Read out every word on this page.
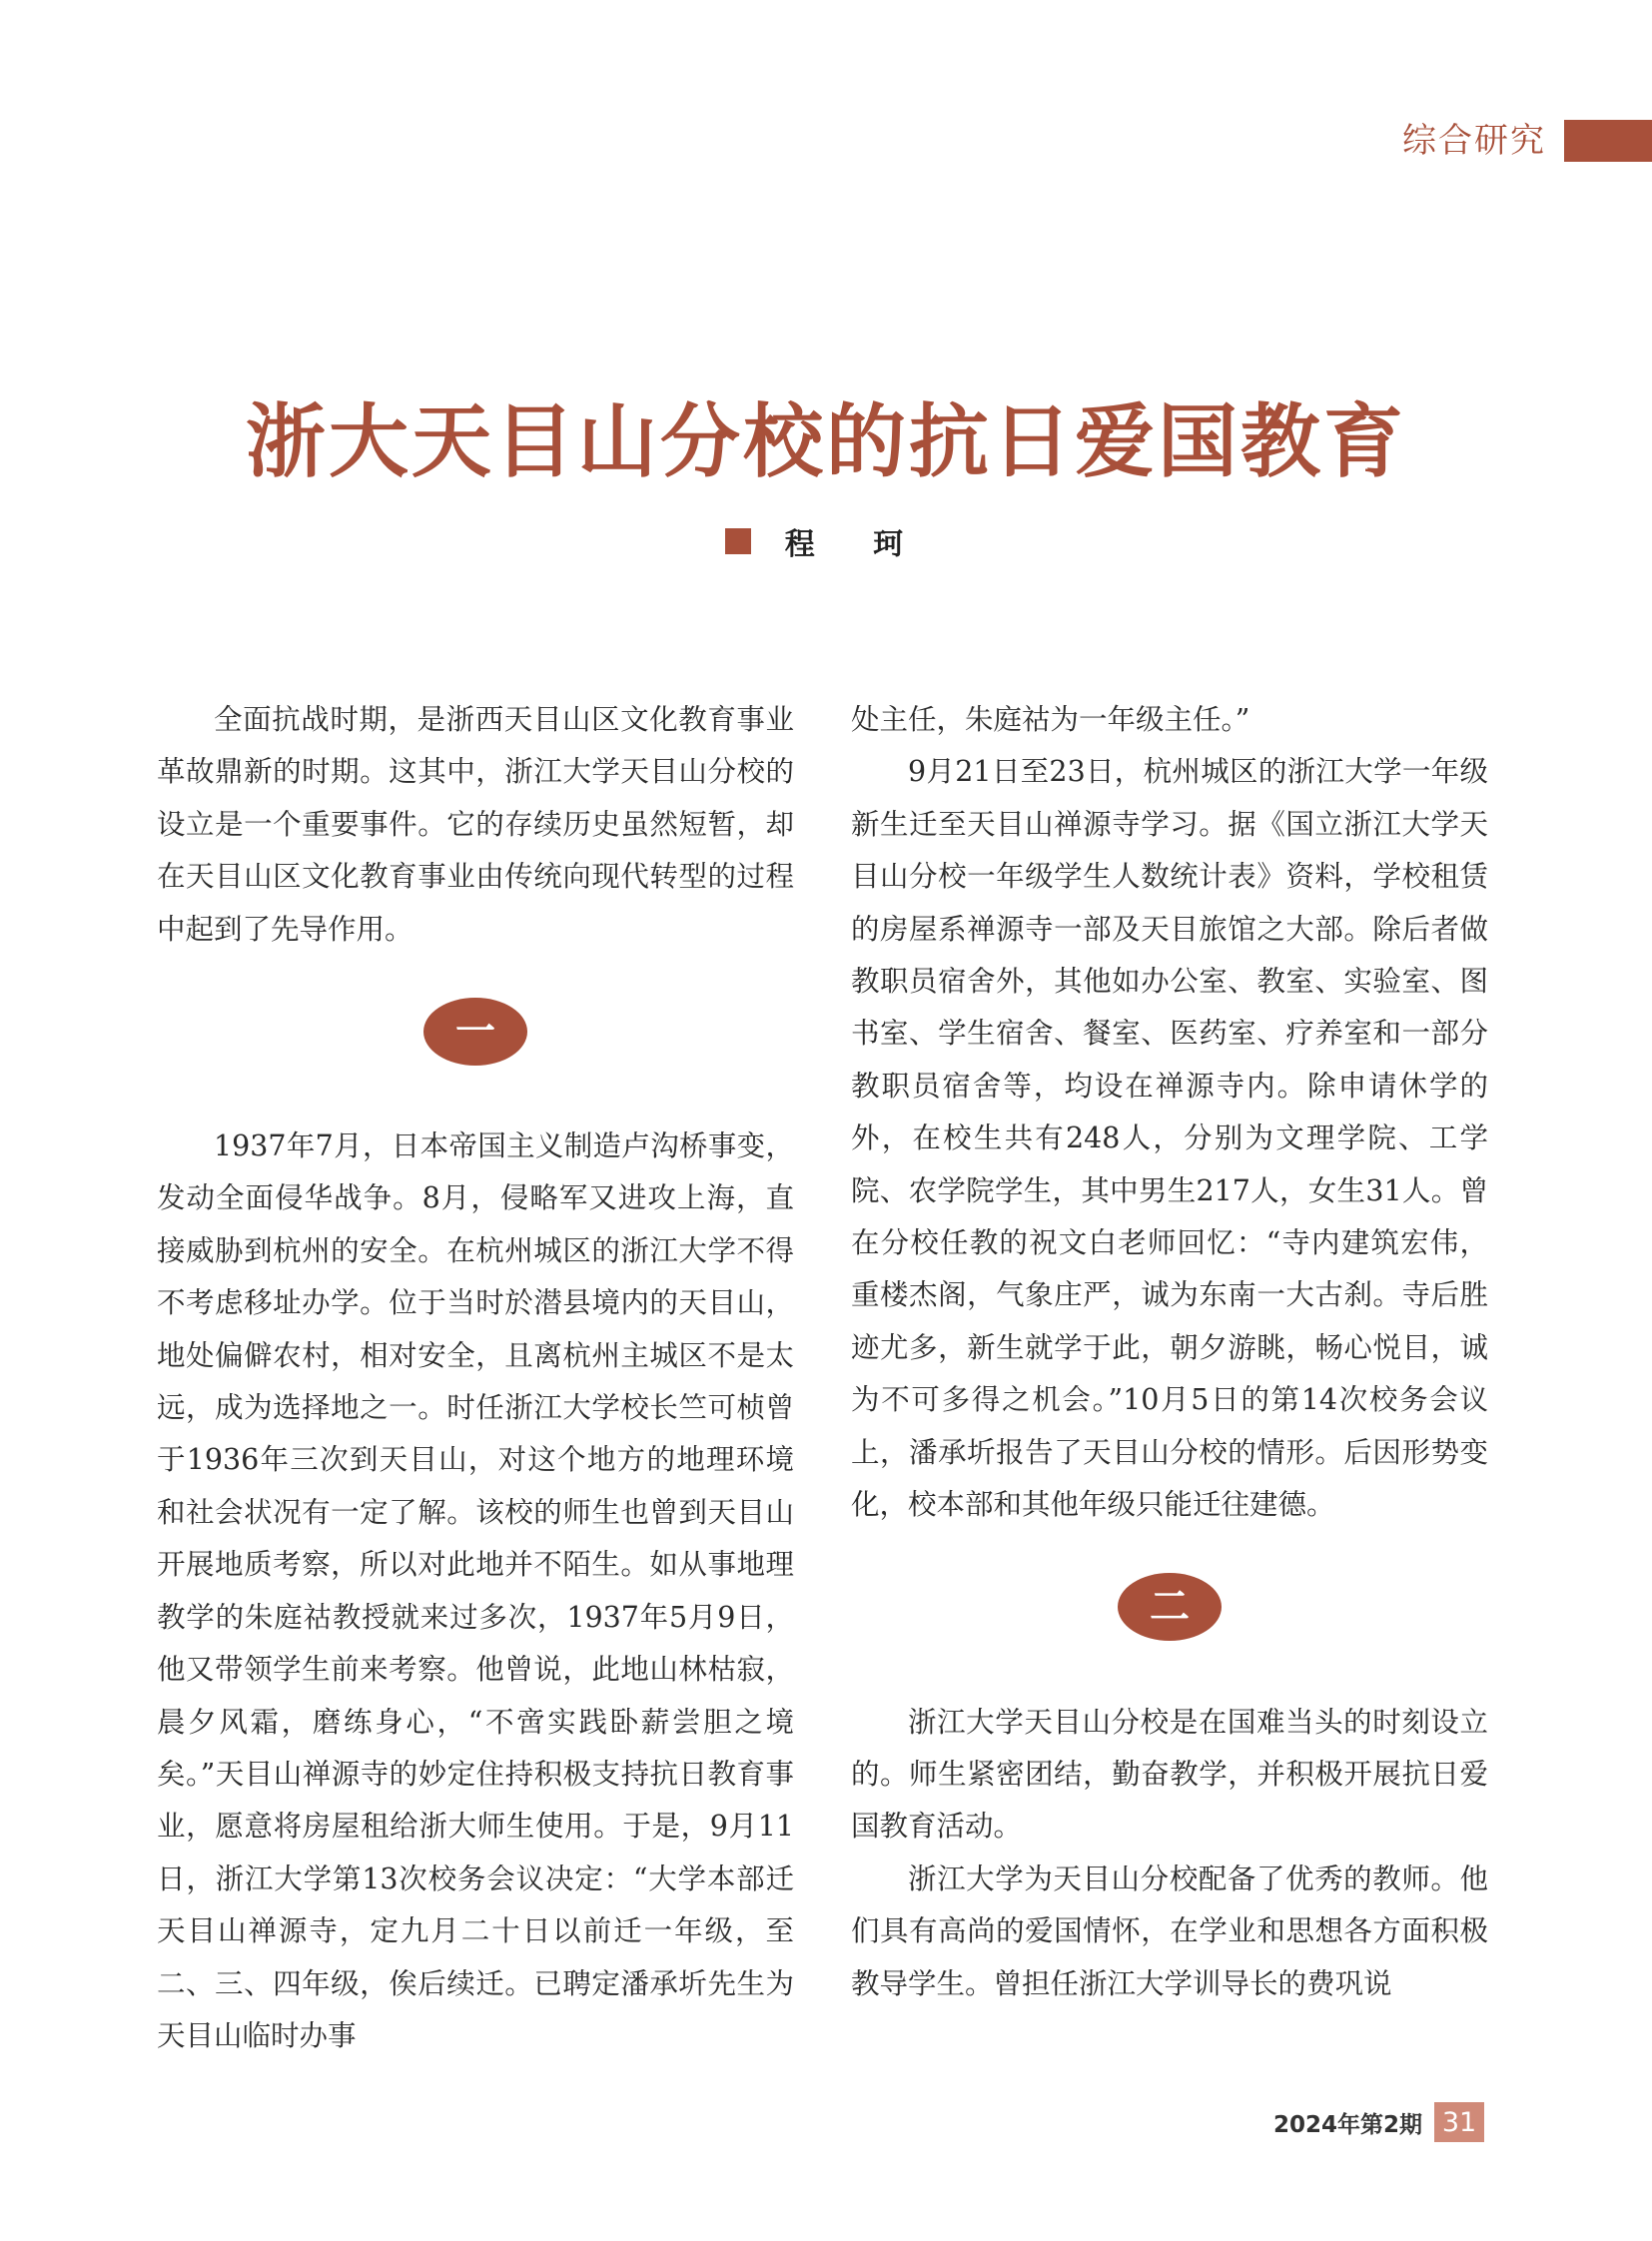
综合研究
浙大天目山分校的抗日爱国教育
程 珂

全面抗战时期，是浙西天目山区文化教育事业革故鼎新的时期。这其中，浙江大学天目山分校的设立是一个重要事件。它的存续历史虽然短暂，却在天目山区文化教育事业由传统向现代转型的过程中起到了先导作用。

一

1937年7月，日本帝国主义制造卢沟桥事变，发动全面侵华战争。8月，侵略军又进攻上海，直接威胁到杭州的安全。在杭州城区的浙江大学不得不考虑移址办学。位于当时於潜县境内的天目山，地处偏僻农村，相对安全，且离杭州主城区不是太远，成为选择地之一。时任浙江大学校长竺可桢曾于1936年三次到天目山，对这个地方的地理环境和社会状况有一定了解。该校的师生也曾到天目山开展地质考察，所以对此地并不陌生。如从事地理教学的朱庭祜教授就来过多次，1937年5月9日，他又带领学生前来考察。他曾说，此地山林枯寂，晨夕风霜，磨练身心，“不啻实践卧薪尝胆之境矣。”天目山禅源寺的妙定住持积极支持抗日教育事业，愿意将房屋租给浙大师生使用。于是，9月11日，浙江大学第13次校务会议决定：“大学本部迁天目山禅源寺，定九月二十日以前迁一年级，至二、三、四年级，俟后续迁。已聘定潘承圻先生为天目山临时办事

处主任，朱庭祜为一年级主任。”

9月21日至23日，杭州城区的浙江大学一年级新生迁至天目山禅源寺学习。据《国立浙江大学天目山分校一年级学生人数统计表》资料，学校租赁的房屋系禅源寺一部及天目旅馆之大部。除后者做教职员宿舍外，其他如办公室、教室、实验室、图书室、学生宿舍、餐室、医药室、疗养室和一部分教职员宿舍等，均设在禅源寺内。除申请休学的外，在校生共有248人，分别为文理学院、工学院、农学院学生，其中男生217人，女生31人。曾在分校任教的祝文白老师回忆：“寺内建筑宏伟，重楼杰阁，气象庄严，诚为东南一大古刹。寺后胜迹尤多，新生就学于此，朝夕游眺，畅心悦目，诚为不可多得之机会。”10月5日的第14次校务会议上，潘承圻报告了天目山分校的情形。后因形势变化，校本部和其他年级只能迁往建德。

二

浙江大学天目山分校是在国难当头的时刻设立的。师生紧密团结，勤奋教学，并积极开展抗日爱国教育活动。

浙江大学为天目山分校配备了优秀的教师。他们具有高尚的爱国情怀，在学业和思想各方面积极教导学生。曾担任浙江大学训导长的费巩说

2024年第2期 31
